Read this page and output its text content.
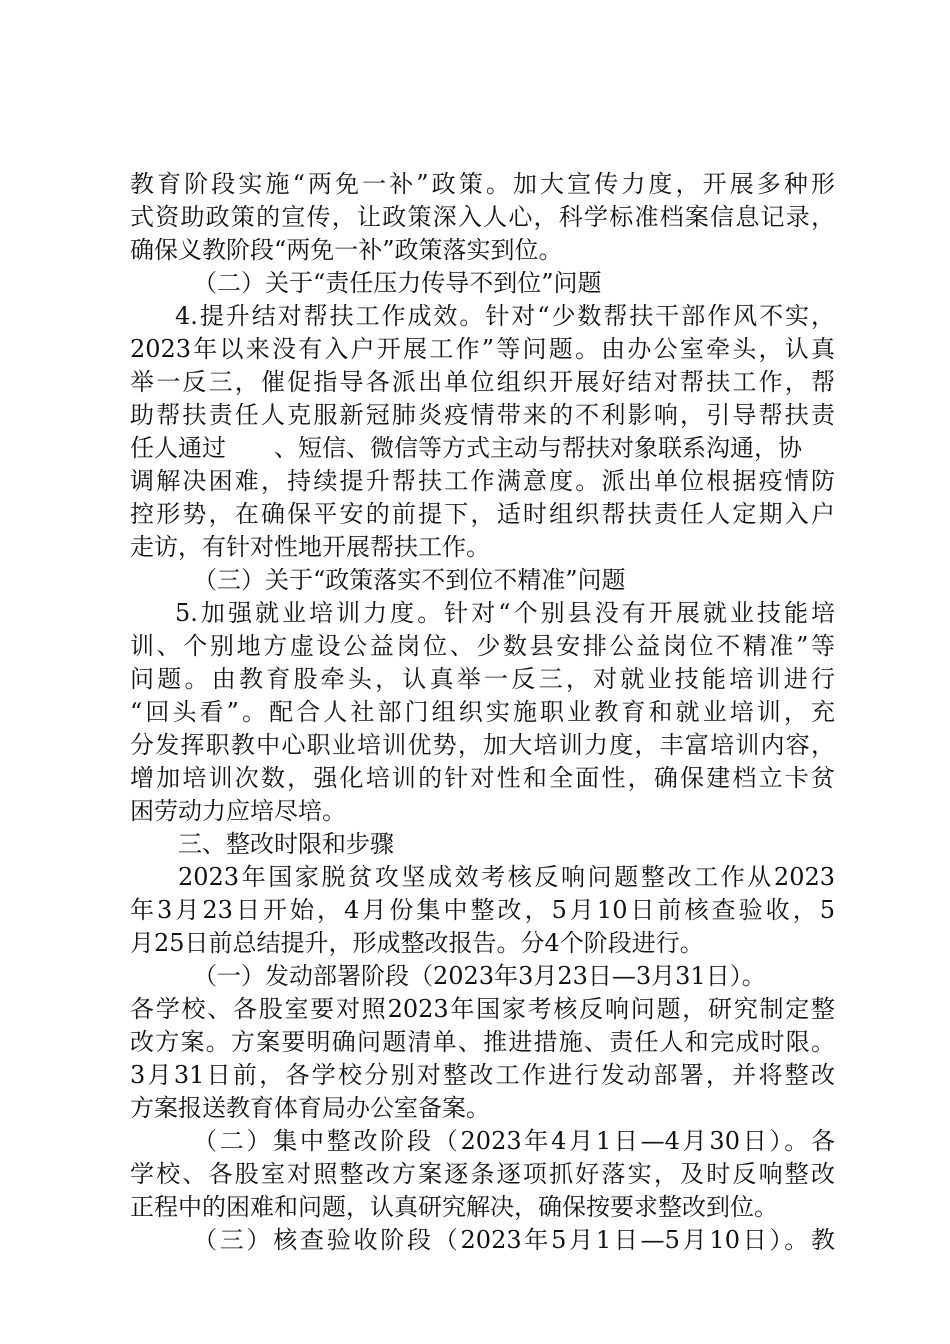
教育阶段实施“两免一补”政策。加大宣传力度，开展多种形
式资助政策的宣传，让政策深入人心，科学标准档案信息记录，
确保义教阶段“两免一补”政策落实到位。
（二）关于“责任压力传导不到位”问题
4.提升结对帮扶工作成效。针对“少数帮扶干部作风不实，
2023年以来没有入户开展工作”等问题。由办公室牵头，认真
举一反三，催促指导各派出单位组织开展好结对帮扶工作，帮
助帮扶责任人克服新冠肺炎疫情带来的不利影响，引导帮扶责
任人通过 、短信、微信等方式主动与帮扶对象联系沟通，协
调解决困难，持续提升帮扶工作满意度。派出单位根据疫情防
控形势，在确保平安的前提下，适时组织帮扶责任人定期入户
走访，有针对性地开展帮扶工作。
（三）关于“政策落实不到位不精准”问题
5.加强就业培训力度。针对“个别县没有开展就业技能培
训、个别地方虚设公益岗位、少数县安排公益岗位不精准”等
问题。由教育股牵头，认真举一反三，对就业技能培训进行
“回头看”。配合人社部门组织实施职业教育和就业培训，充
分发挥职教中心职业培训优势，加大培训力度，丰富培训内容，
增加培训次数，强化培训的针对性和全面性，确保建档立卡贫
困劳动力应培尽培。
三、整改时限和步骤
2023年国家脱贫攻坚成效考核反响问题整改工作从2023
年3月23日开始，4月份集中整改，5月10日前核查验收，5
月25日前总结提升，形成整改报告。分4个阶段进行。
（一）发动部署阶段（2023年3月23日—3月31日）。
各学校、各股室要对照2023年国家考核反响问题，研究制定整
改方案。方案要明确问题清单、推进措施、责任人和完成时限。
3月31日前，各学校分别对整改工作进行发动部署，并将整改
方案报送教育体育局办公室备案。
（二）集中整改阶段（2023年4月1日—4月30日）。各
学校、各股室对照整改方案逐条逐项抓好落实，及时反响整改
正程中的困难和问题，认真研究解决，确保按要求整改到位。
（三）核查验收阶段（2023年5月1日—5月10日）。教
